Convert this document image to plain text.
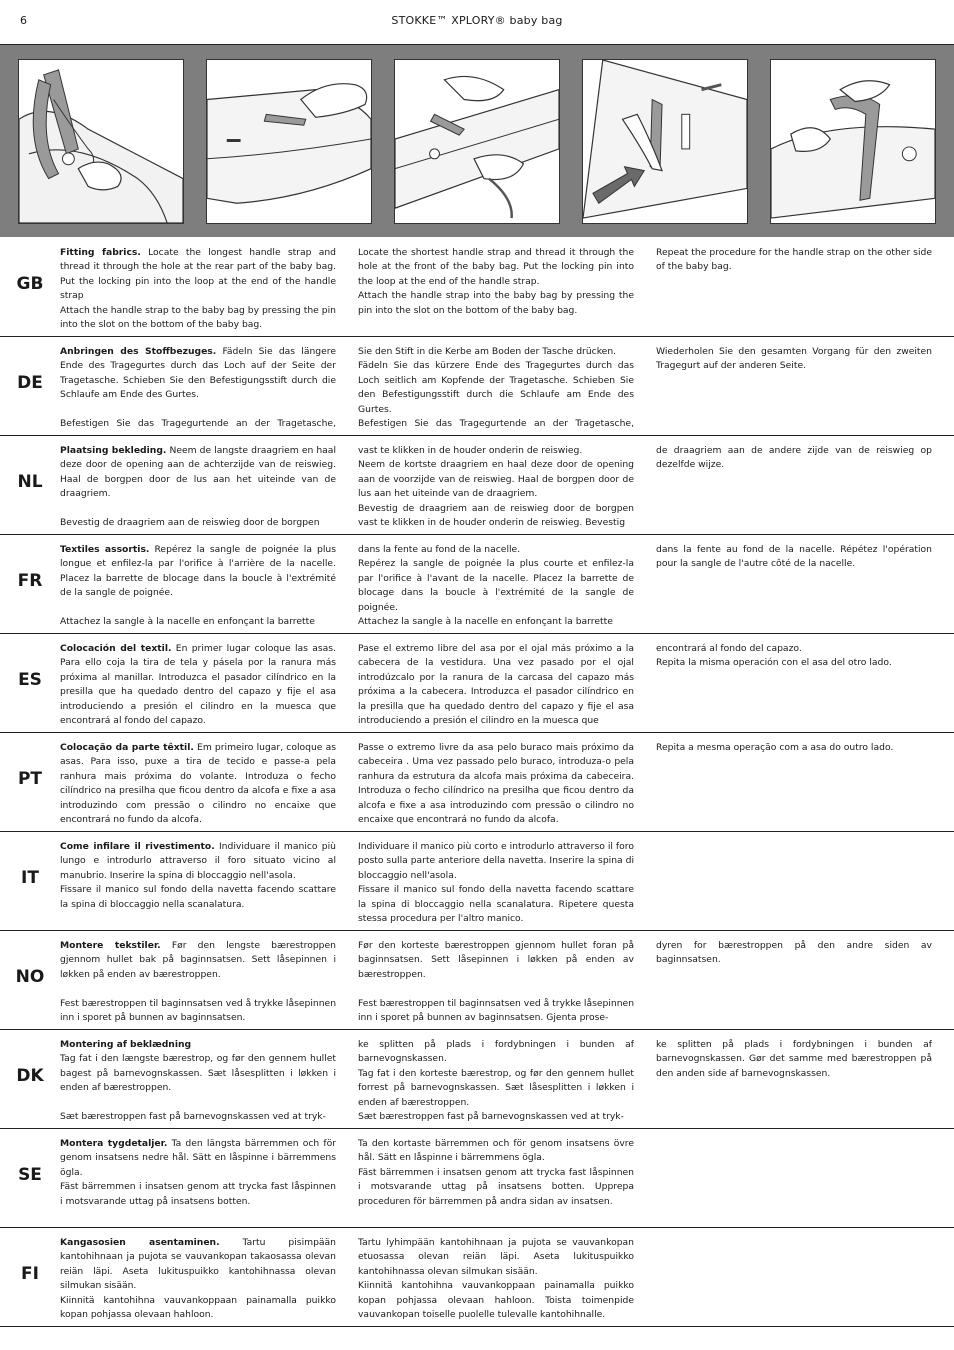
6	STOKKE™ XPLORY® baby bag
GB

Fitting fabrics. Locate the longest handle strap and thread it through the hole at the rear part of the baby bag. Put the locking pin into the loop at the end of the handle strap
Attach the handle strap to the baby bag by pressing the pin into the slot on the bottom of the baby bag.

Locate the shortest handle strap and thread it through the hole at the front of the baby bag. Put the locking pin into the loop at the end of the handle strap.
Attach the handle strap into the baby bag by pressing the pin into the slot on the bottom of the baby bag.

Repeat the procedure for the handle strap on the other side of the baby bag.

DE

Anbringen des Stoffbezuges. Fädeln Sie das längere Ende des Tragegurtes durch das Loch auf der Seite der Tragetasche. Schieben Sie den Befestigungsstift durch die Schlaufe am Ende des Gurtes.

Befestigen Sie das Tragegurtende an der Tragetasche,

Sie den Stift in die Kerbe am Boden der Tasche drücken.
Fädeln Sie das kürzere Ende des Tragegurtes durch das Loch seitlich am Kopfende der Tragetasche. Schieben Sie den Befestigungsstift durch die Schlaufe am Ende des Gurtes.
Befestigen Sie das Tragegurtende an der Tragetasche,

Wiederholen Sie den gesamten Vorgang für den zweiten Tragegurt auf der anderen Seite.

NL

Plaatsing bekleding. Neem de langste draagriem en haal deze door de opening aan de achterzijde van de reiswieg. Haal de borgpen door de lus aan het uiteinde van de draagriem.

Bevestig de draagriem aan de reiswieg door de borgpen

vast te klikken in de houder onderin de reiswieg.
Neem de kortste draagriem en haal deze door de opening aan de voorzijde van de reiswieg. Haal de borgpen door de lus aan het uiteinde van de draagriem.
Bevestig de draagriem aan de reiswieg door de borgpen vast te klikken in de houder onderin de reiswieg. Bevestig

de draagriem aan de andere zijde van de reiswieg op dezelfde wijze.

FR

Textiles assortis. Repérez la sangle de poignée la plus longue et enfilez-la par l'orifice à l'arrière de la nacelle. Placez la barrette de blocage dans la boucle à l'extrémité de la sangle de poignée.

Attachez la sangle à la nacelle en enfonçant la barrette

dans la fente au fond de la nacelle.
Repérez la sangle de poignée la plus courte et enfilez-la par l'orifice à l'avant de la nacelle. Placez la barrette de blocage dans la boucle à l'extrémité de la sangle de poignée.
Attachez la sangle à la nacelle en enfonçant la barrette

dans la fente au fond de la nacelle. Répétez l'opération pour la sangle de l'autre côté de la nacelle.

ES

Colocación del textil. En primer lugar coloque las asas. Para ello coja la tira de tela y pásela por la ranura más próxima al manillar. Introduzca el pasador cilíndrico en la presilla que ha quedado dentro del capazo y fije el asa introduciendo a presión el cilindro en la muesca que encontrará al fondo del capazo.

Pase el extremo libre del asa por el ojal más próximo a la cabecera de la vestidura. Una vez pasado por el ojal introdúzcalo por la ranura de la carcasa del capazo más próxima a la cabecera. Introduzca el pasador cilíndrico en la presilla que ha quedado dentro del capazo y fije el asa introduciendo a presión el cilindro en la muesca que

encontrará al fondo del capazo.
Repita la misma operación con el asa del otro lado.

PT

Colocação da parte têxtil. Em primeiro lugar, coloque as asas. Para isso, puxe a tira de tecido e passe-a pela ranhura mais próxima do volante. Introduza o fecho cilíndrico na presilha que ficou dentro da alcofa e fixe a asa introduzindo com pressão o cilindro no encaixe que encontrará no fundo da alcofa.

Passe o extremo livre da asa pelo buraco mais próximo da cabeceira . Uma vez passado pelo buraco, introduza-o pela ranhura da estrutura da alcofa mais próxima da cabeceira. Introduza o fecho cilíndrico na presilha que ficou dentro da alcofa e fixe a asa introduzindo com pressão o cilindro no encaixe que encontrará no fundo da alcofa.

Repita a mesma operação com a asa do outro lado.

IT

Come infilare il rivestimento. Individuare il manico più lungo e introdurlo attraverso il foro situato vicino al manubrio. Inserire la spina di bloccaggio nell'asola.
Fissare il manico sul fondo della navetta facendo scattare la spina di bloccaggio nella scanalatura.

Individuare il manico più corto e introdurlo attraverso il foro posto sulla parte anteriore della navetta. Inserire la spina di bloccaggio nell'asola.
Fissare il manico sul fondo della navetta facendo scattare la spina di bloccaggio nella scanalatura. Ripetere questa stessa procedura per l'altro manico.

NO

Montere tekstiler. Før den lengste bærestroppen gjennom hullet bak på baginnsatsen. Sett låsepinnen i løkken på enden av bærestroppen.

Fest bærestroppen til baginnsatsen ved å trykke låsepinnen inn i sporet på bunnen av baginnsatsen.

Før den korteste bærestroppen gjennom hullet foran på baginnsatsen. Sett låsepinnen i løkken på enden av bærestroppen.

Fest bærestroppen til baginnsatsen ved å trykke låsepinnen inn i sporet på bunnen av baginnsatsen. Gjenta prose-

dyren for bærestroppen på den andre siden av baginnsatsen.

DK

Montering af beklædning
Tag fat i den længste bærestrop, og før den gennem hullet bagest på barnevognskassen. Sæt låsesplitten i løkken i enden af bærestroppen.

Sæt bærestroppen fast på barnevognskassen ved at tryk-

ke splitten på plads i fordybningen i bunden af barnevognskassen.
Tag fat i den korteste bærestrop, og før den gennem hullet forrest på barnevognskassen. Sæt låsesplitten i løkken i enden af bærestroppen.
Sæt bærestroppen fast på barnevognskassen ved at tryk-

ke splitten på plads i fordybningen i bunden af barnevognskassen. Gør det samme med bærestroppen på den anden side af barnevognskassen.

SE

Montera tygdetaljer. Ta den längsta bärremmen och för genom insatsens nedre hål. Sätt en låspinne i bärremmens ögla.
Fäst bärremmen i insatsen genom att trycka fast låspinnen i motsvarande uttag på insatsens botten.

Ta den kortaste bärremmen och för genom insatsens övre hål. Sätt en låspinne i bärremmens ögla.
Fäst bärremmen i insatsen genom att trycka fast låspinnen i motsvarande uttag på insatsens botten. Upprepa proceduren för bärremmen på andra sidan av insatsen.

FI

Kangasosien asentaminen. Tartu pisimpään kantohihnaan ja pujota se vauvankopan takaosassa olevan reiän läpi. Aseta lukituspuikko kantohihnassa olevan silmukan sisään.
Kiinnitä kantohihna vauvankoppaan painamalla puikko kopan pohjassa olevaan hahloon.

Tartu lyhimpään kantohihnaan ja pujota se vauvankopan etuosassa olevan reiän läpi. Aseta lukituspuikko kantohihnassa olevan silmukan sisään.
Kiinnitä kantohihna vauvankoppaan painamalla puikko kopan pohjassa olevaan hahloon. Toista toimenpide vauvankopan toiselle puolelle tulevalle kantohihnalle.
